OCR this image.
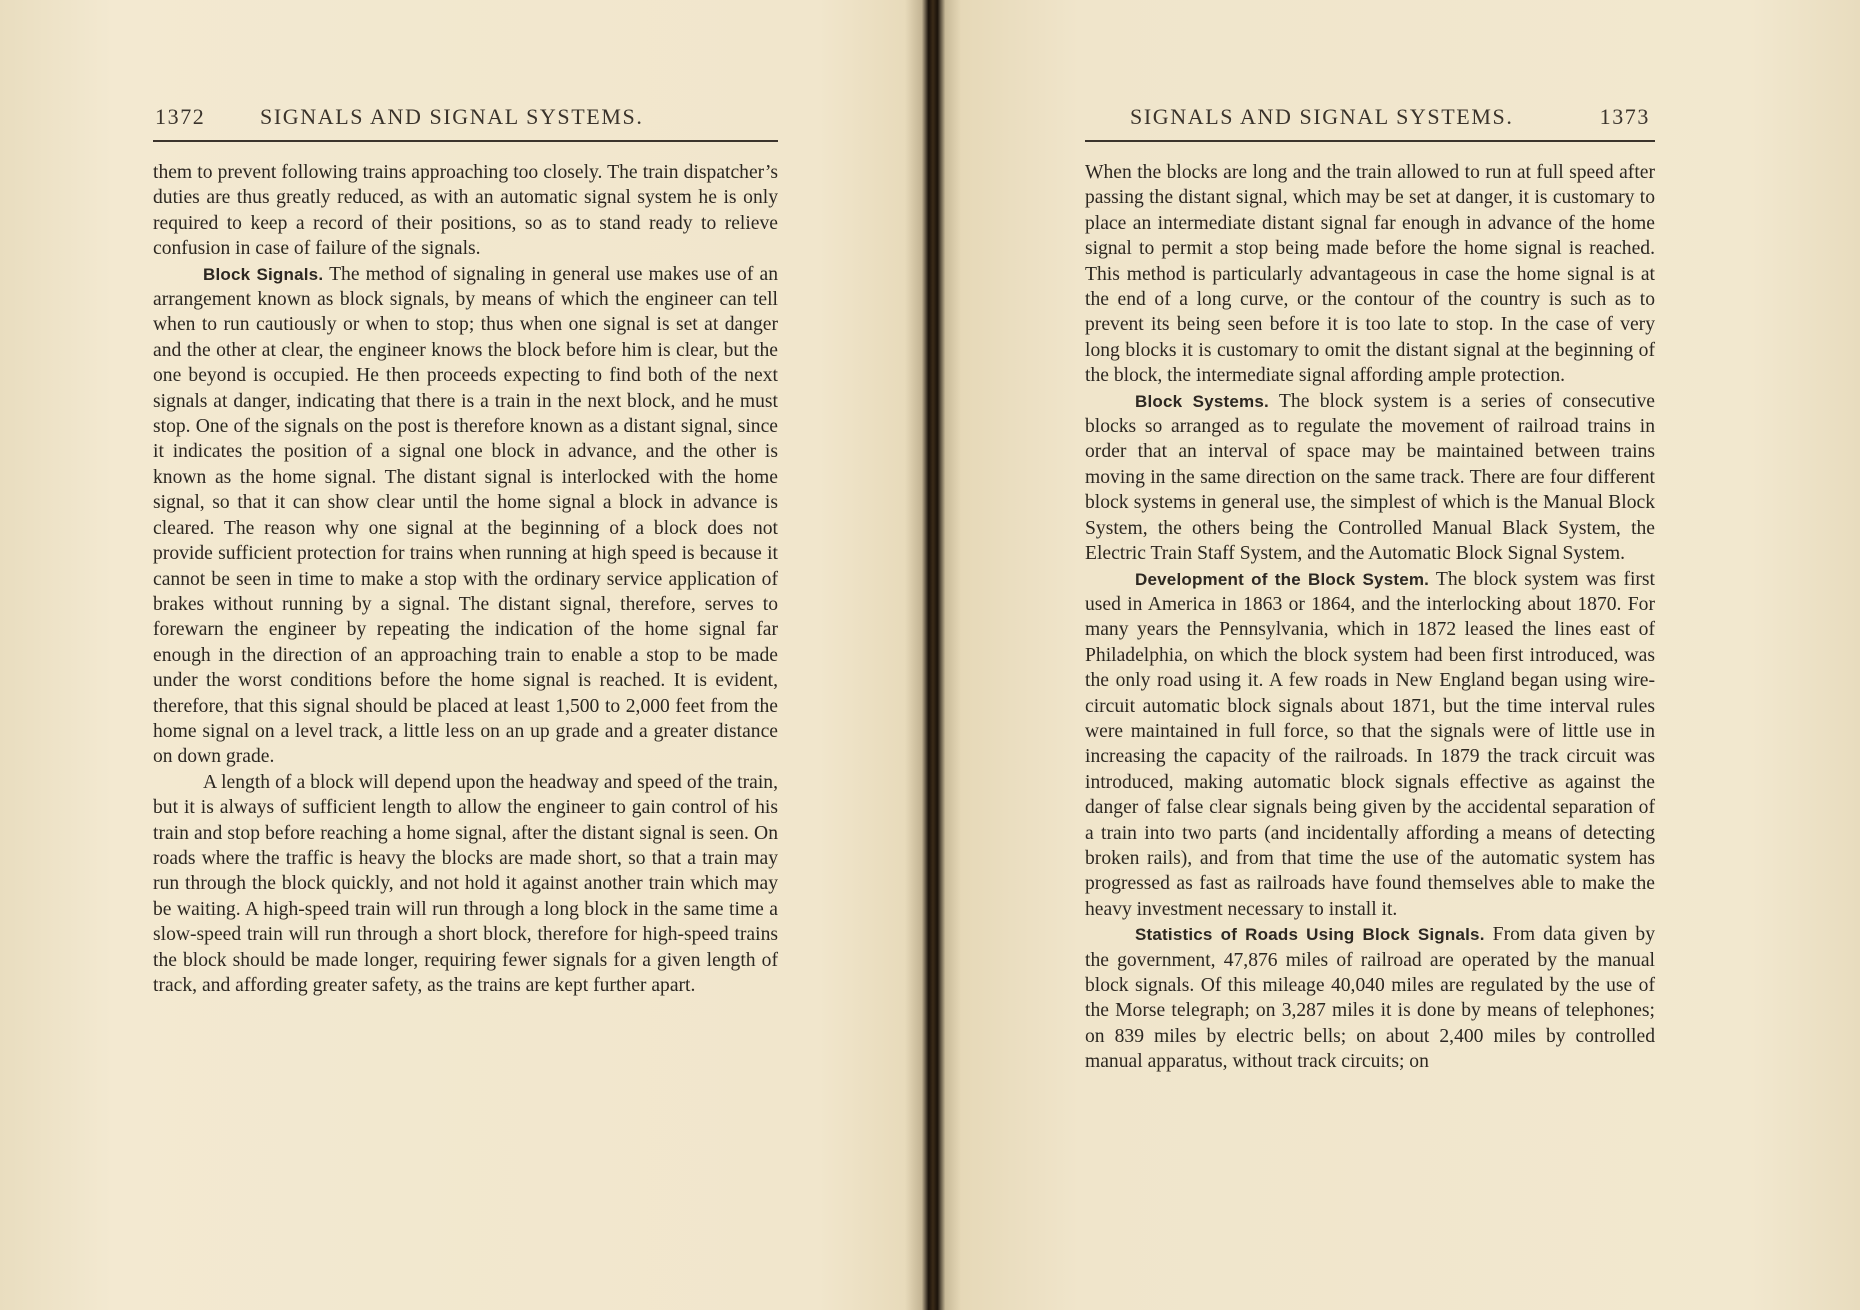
1372 SIGNALS AND SIGNAL SYSTEMS.

them to prevent following trains approaching too closely. The train dispatcher’s duties are thus greatly reduced, as with an automatic signal system he is only required to keep a record of their positions, so as to stand ready to relieve confusion in case of failure of the signals.

Block Signals. The method of signaling in general use makes use of an arrangement known as block signals, by means of which the engineer can tell when to run cautiously or when to stop; thus when one signal is set at danger and the other at clear, the engineer knows the block before him is clear, but the one beyond is occupied. He then proceeds expecting to find both of the next signals at danger, indicating that there is a train in the next block, and he must stop. One of the signals on the post is therefore known as a distant signal, since it indicates the position of a signal one block in advance, and the other is known as the home signal. The distant signal is interlocked with the home signal, so that it can show clear until the home signal a block in advance is cleared. The reason why one signal at the beginning of a block does not provide sufficient protection for trains when running at high speed is because it cannot be seen in time to make a stop with the ordinary service application of brakes without running by a signal. The distant signal, therefore, serves to forewarn the engineer by repeating the indication of the home signal far enough in the direction of an approaching train to enable a stop to be made under the worst conditions before the home signal is reached. It is evident, therefore, that this signal should be placed at least 1,500 to 2,000 feet from the home signal on a level track, a little less on an up grade and a greater distance on down grade.

A length of a block will depend upon the headway and speed of the train, but it is always of sufficient length to allow the engineer to gain control of his train and stop before reaching a home signal, after the distant signal is seen. On roads where the traffic is heavy the blocks are made short, so that a train may run through the block quickly, and not hold it against another train which may be waiting. A high-speed train will run through a long block in the same time a slow-speed train will run through a short block, therefore for high-speed trains the block should be made longer, requiring fewer signals for a given length of track, and affording greater safety, as the trains are kept further apart.

SIGNALS AND SIGNAL SYSTEMS.	1373

When the blocks are long and the train allowed to run at full speed after passing the distant signal, which may be set at danger, it is customary to place an intermediate distant signal far enough in advance of the home signal to permit a stop being made before the home signal is reached. This method is particularly advantageous in case the home signal is at the end of a long curve, or the contour of the country is such as to prevent its being seen before it is too late to stop. In the case of very long blocks it is customary to omit the distant signal at the beginning of the block, the intermediate signal affording ample protection.

Block Systems. The block system is a series of consecutive blocks so arranged as to regulate the movement of railroad trains in order that an interval of space may be maintained between trains moving in the same direction on the same track. There are four different block systems in general use, the simplest of which is the Manual Block System, the others being the Controlled Manual Black System, the Electric Train Staff System, and the Automatic Block Signal System.

Development of the Block System. The block system was first used in America in 1863 or 1864, and the interlocking about 1870. For many years the Pennsylvania, which in 1872 leased the lines east of Philadelphia, on which the block system had been first introduced, was the only road using it. A few roads in New England began using wire-circuit automatic block signals about 1871, but the time interval rules were maintained in full force, so that the signals were of little use in increasing the capacity of the railroads. In 1879 the track circuit was introduced, making automatic block signals effective as against the danger of false clear signals being given by the accidental separation of a train into two parts (and incidentally affording a means of detecting broken rails), and from that time the use of the automatic system has progressed as fast as railroads have found themselves able to make the heavy investment necessary to install it.

Statistics of Roads Using Block Signals. From data given by the government, 47,876 miles of railroad are operated by the manual block signals. Of this mileage 40,040 miles are regulated by the use of the Morse telegraph; on 3,287 miles it is done by means of telephones; on 839 miles by electric bells; on about 2,400 miles by controlled manual apparatus, without track circuits; on
